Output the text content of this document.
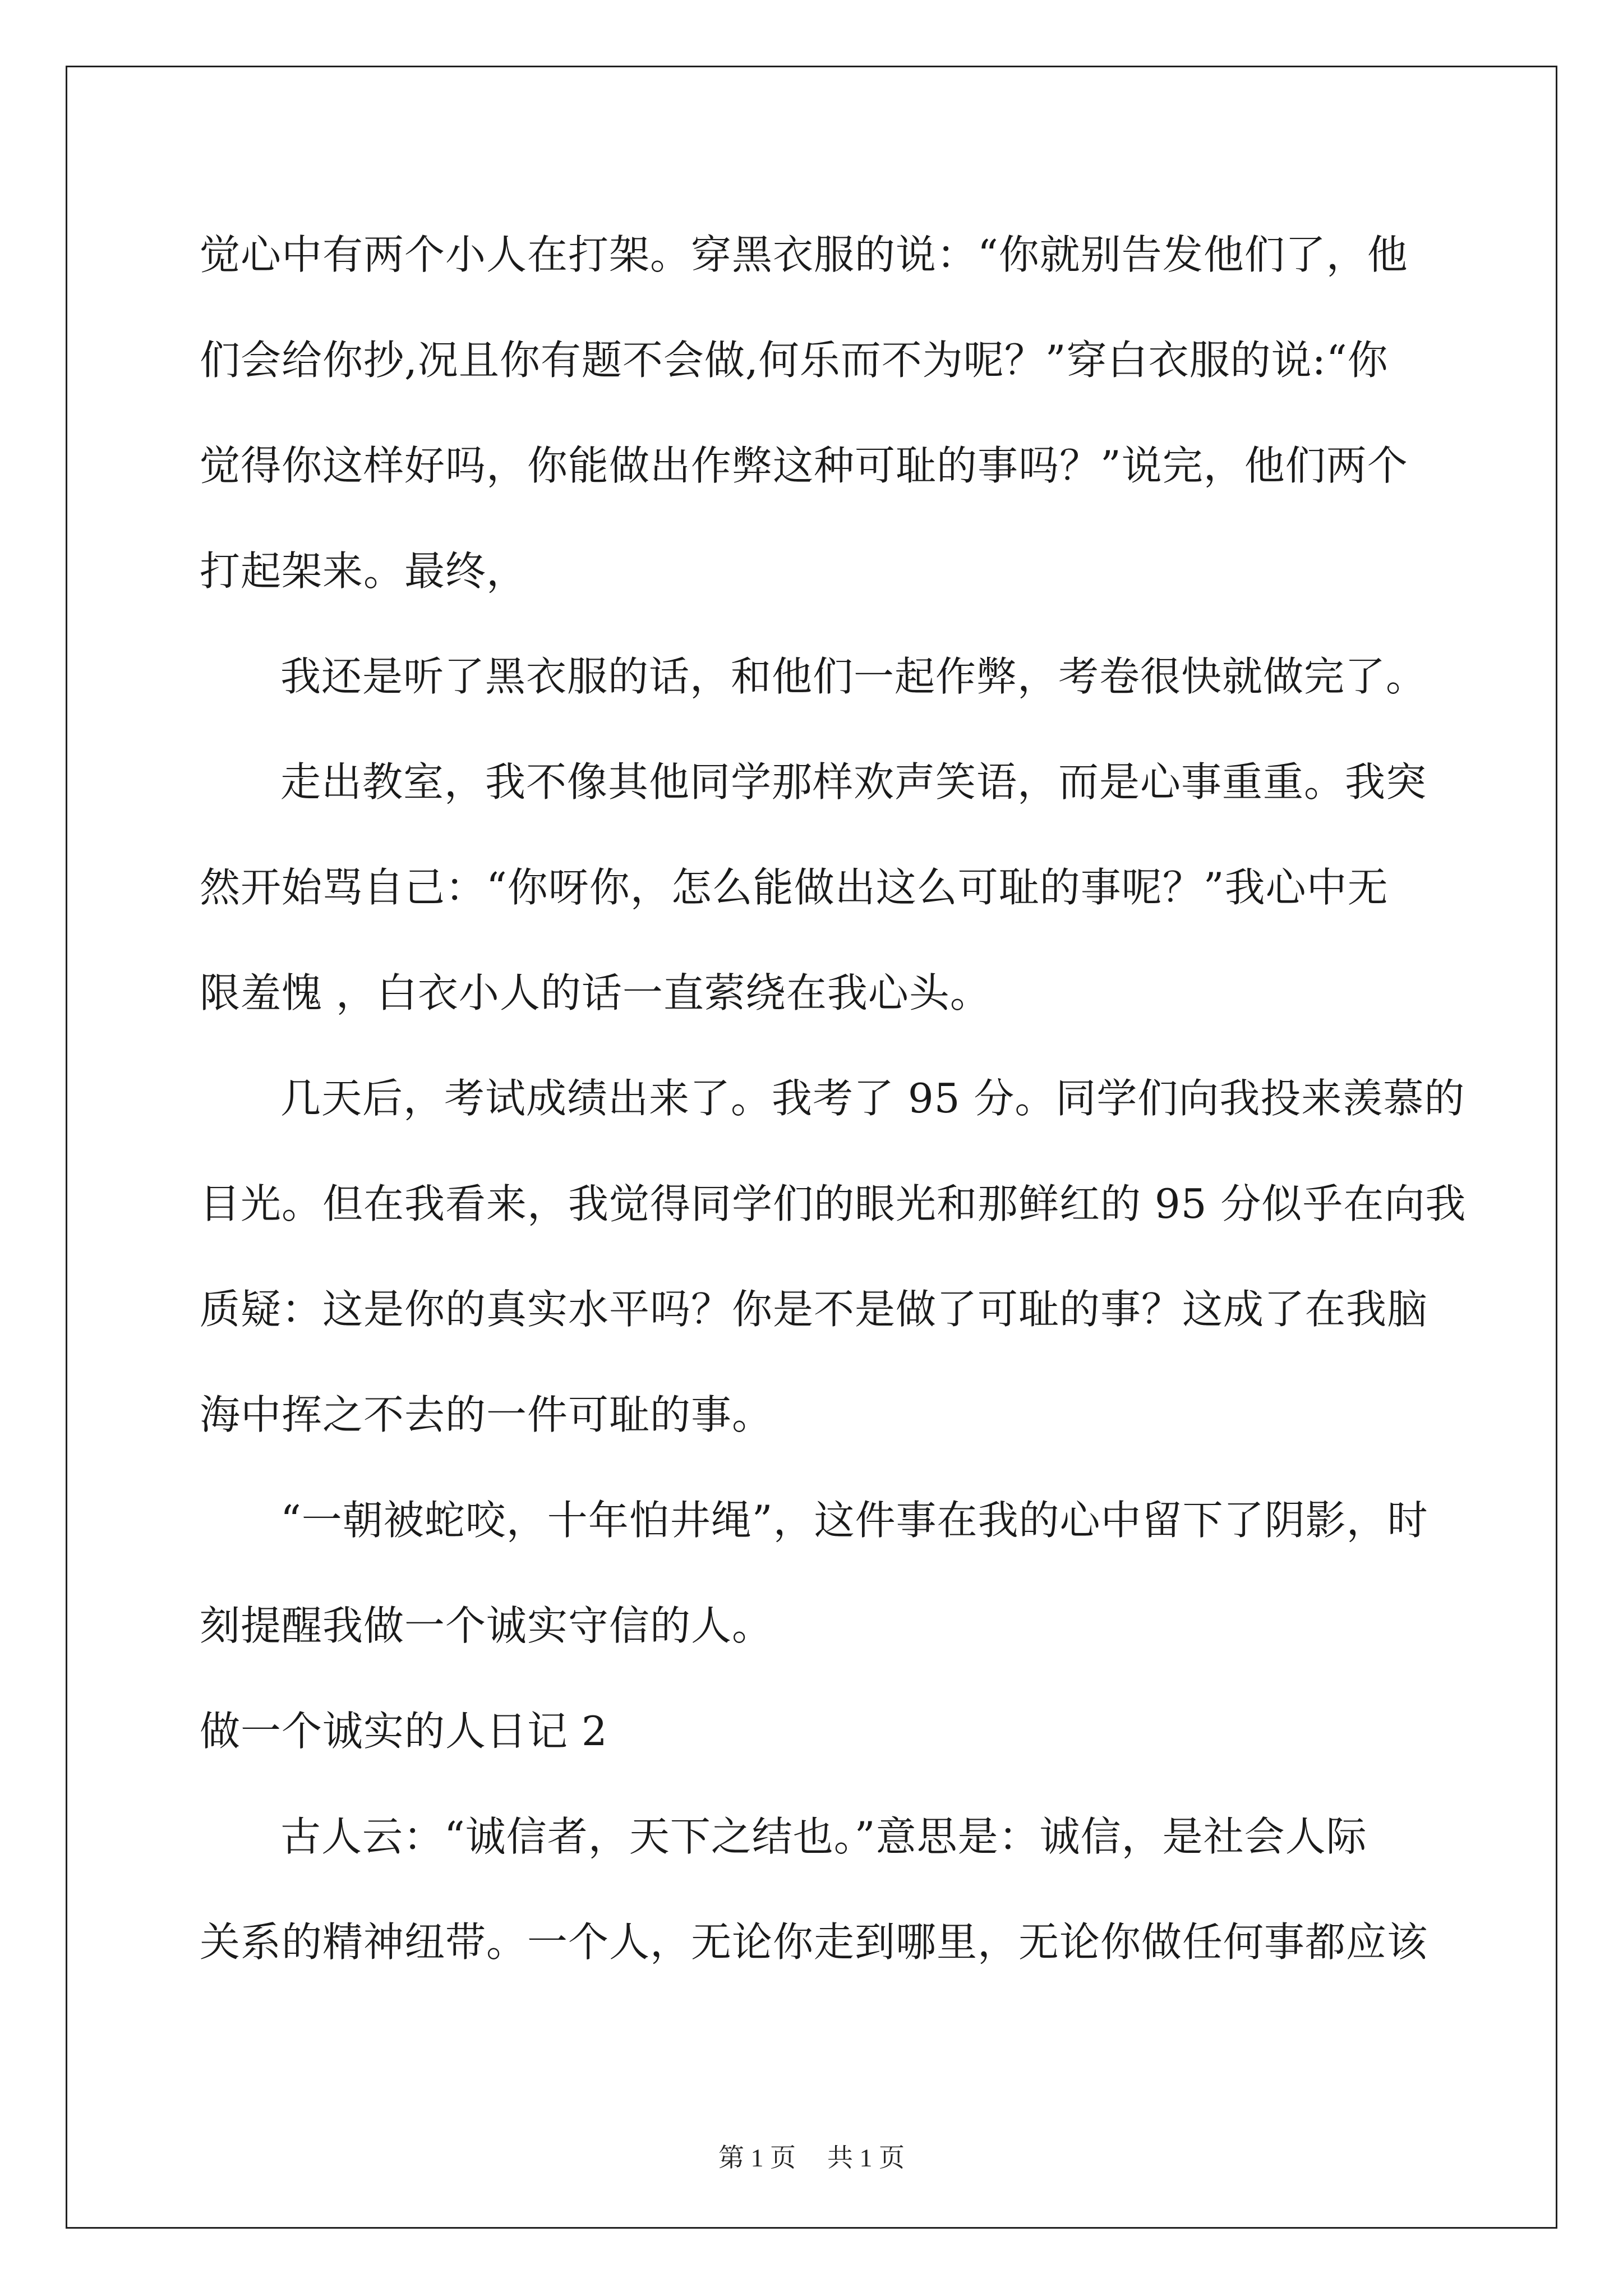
觉心中有两个小人在打架。穿黑衣服的说：“你就别告发他们了，他
们会给你抄,况且你有题不会做,何乐而不为呢？”穿白衣服的说:“你
觉得你这样好吗，你能做出作弊这种可耻的事吗？”说完，他们两个
打起架来。最终，
我还是听了黑衣服的话，和他们一起作弊，考卷很快就做完了。
走出教室，我不像其他同学那样欢声笑语，而是心事重重。我突
然开始骂自己：“你呀你，怎么能做出这么可耻的事呢？”我心中无
限羞愧 ，白衣小人的话一直萦绕在我心头。
几天后，考试成绩出来了。我考了 95 分。同学们向我投来羡慕的
目光。但在我看来，我觉得同学们的眼光和那鲜红的 95 分似乎在向我
质疑：这是你的真实水平吗？你是不是做了可耻的事？这成了在我脑
海中挥之不去的一件可耻的事。
“一朝被蛇咬，十年怕井绳”，这件事在我的心中留下了阴影，时
刻提醒我做一个诚实守信的人。
做一个诚实的人日记 2
古人云：“诚信者，天下之结也。”意思是：诚信，是社会人际
关系的精神纽带。一个人，无论你走到哪里，无论你做任何事都应该
第 1 页 共 1 页
